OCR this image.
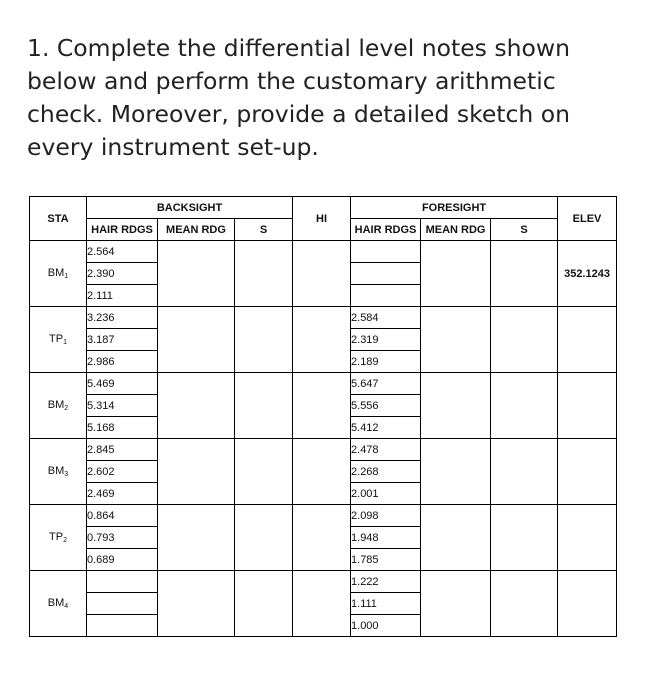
1. Complete the differential level notes shown below and perform the customary arithmetic check. Moreover, provide a detailed sketch on every instrument set-up.
STA	BACKSIGHT			HI	FORESIGHT			ELEV
	HAIR RDGS	MEAN RDG	S		HAIR RDGS	MEAN RDG	S	
$BM_1$	2.564							352.1243
	2.390							
	2.111							
$TP_1$	3.236				2.584			
	3.187				2.319			
	2.986				2.189			
$BM_2$	5.469				5.647			
	5.314				5.556			
	5.168				5.412			
$BM_3$	2.845				2.478			
	2.602				2.268			
	2.469				2.001			
$TP_2$	0.864				2.098			
	0.793				1.948			
	0.689				1.785			
$BM_4$					1.222			
					1.111			
					1.000			
